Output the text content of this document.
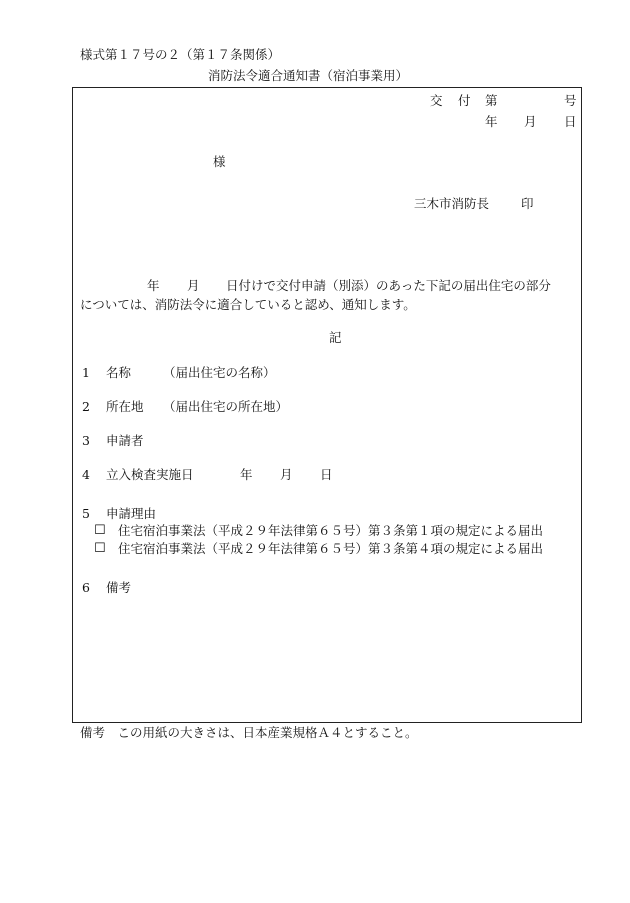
様式第１７号の２（第１７条関係）
消防法令適合通知書（宿泊事業用）
交 付 第	号
年 月 日
様
三木市消防長	印
年 月 日付けで交付申請（別添）のあった下記の届出住宅の部分
については、消防法令に適合していると認め、通知します。
記
1 名称	（届出住宅の名称）
2 所在地 （届出住宅の所在地）
3 申請者
4 立入検査実施日	年 月 日
5 申請理由
☐ 住宅宿泊事業法（平成２９年法律第６５号）第３条第１項の規定による届出
☐ 住宅宿泊事業法（平成２９年法律第６５号）第３条第４項の規定による届出
6 備考
備考　この用紙の大きさは、日本産業規格Ａ４とすること。
